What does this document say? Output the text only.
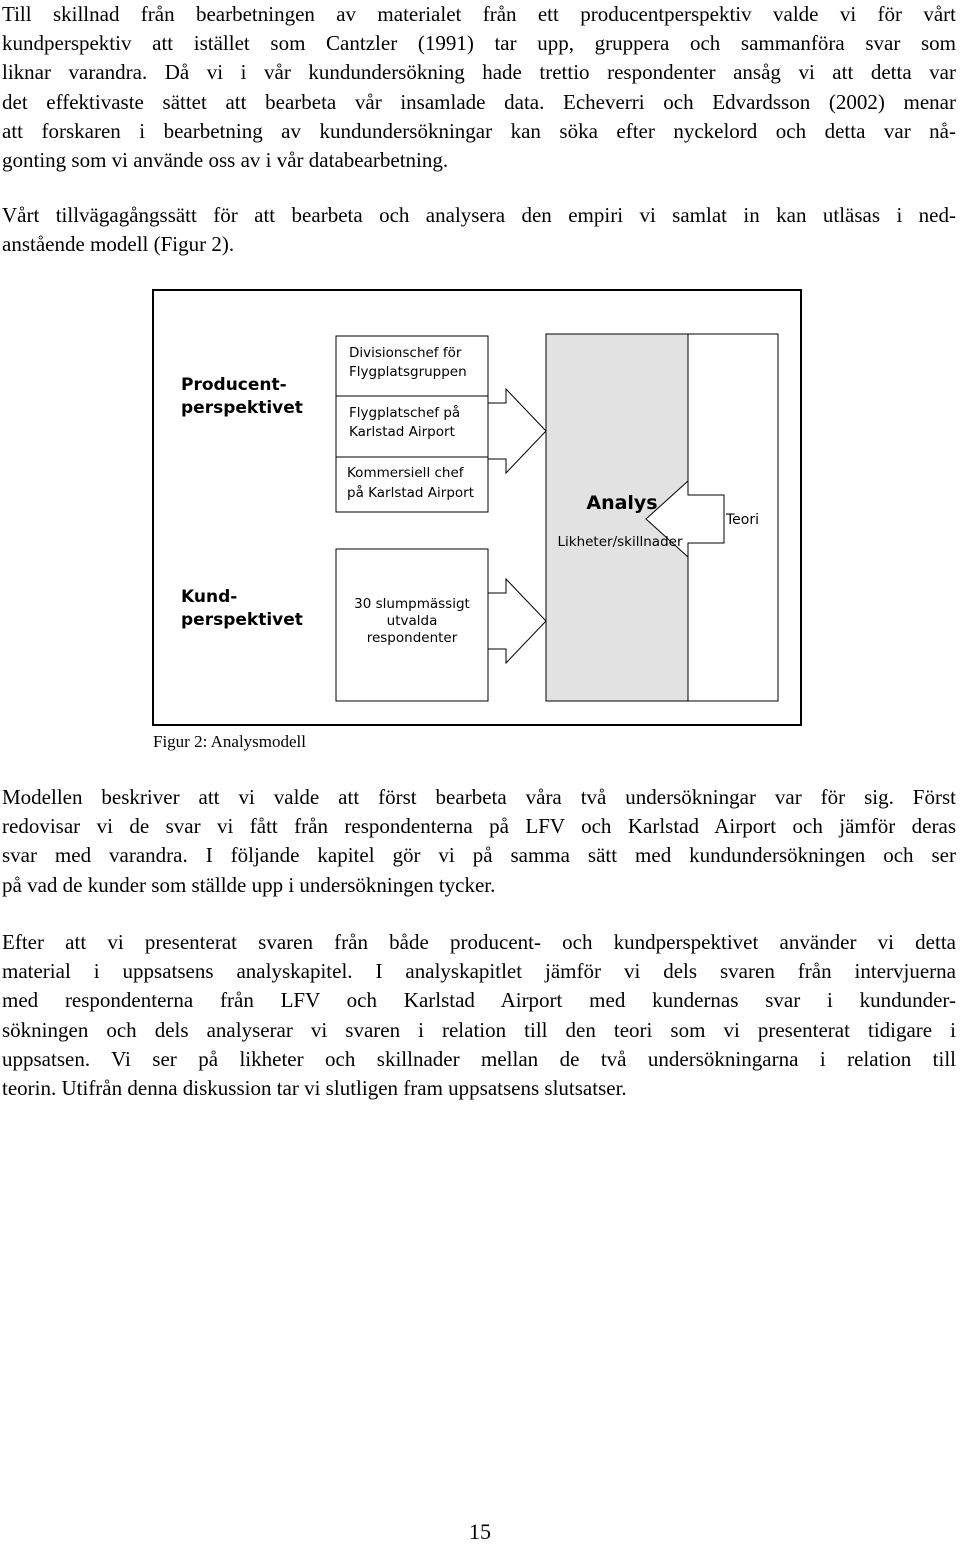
Till skillnad från bearbetningen av materialet från ett producentperspektiv valde vi för vårt
kundperspektiv att istället som Cantzler (1991) tar upp, gruppera och sammanföra svar som
liknar varandra. Då vi i vår kundundersökning hade trettio respondenter ansåg vi att detta var
det effektivaste sättet att bearbeta vår insamlade data. Echeverri och Edvardsson (2002) menar
att forskaren i bearbetning av kundundersökningar kan söka efter nyckelord och detta var nå-
gonting som vi använde oss av i vår databearbetning.
Vårt tillvägagångssätt för att bearbeta och analysera den empiri vi samlat in kan utläsas i ned-
anstående modell (Figur 2).
Producent-
perspektivet
Kund-
perspektivet
Divisionschef för
Flygplatsgruppen
Flygplatschef på
Karlstad Airport
Kommersiell chef
på Karlstad Airport
30 slumpmässigt
utvalda
respondenter
Analys
Likheter/skillnader
Teori
Figur 2: Analysmodell
Modellen beskriver att vi valde att först bearbeta våra två undersökningar var för sig. Först
redovisar vi de svar vi fått från respondenterna på LFV och Karlstad Airport och jämför deras
svar med varandra. I följande kapitel gör vi på samma sätt med kundundersökningen och ser
på vad de kunder som ställde upp i undersökningen tycker.
Efter att vi presenterat svaren från både producent- och kundperspektivet använder vi detta
material i uppsatsens analyskapitel. I analyskapitlet jämför vi dels svaren från intervjuerna
med respondenterna från LFV och Karlstad Airport med kundernas svar i kundunder-
sökningen och dels analyserar vi svaren i relation till den teori som vi presenterat tidigare i
uppsatsen. Vi ser på likheter och skillnader mellan de två undersökningarna i relation till
teorin. Utifrån denna diskussion tar vi slutligen fram uppsatsens slutsatser.
15
